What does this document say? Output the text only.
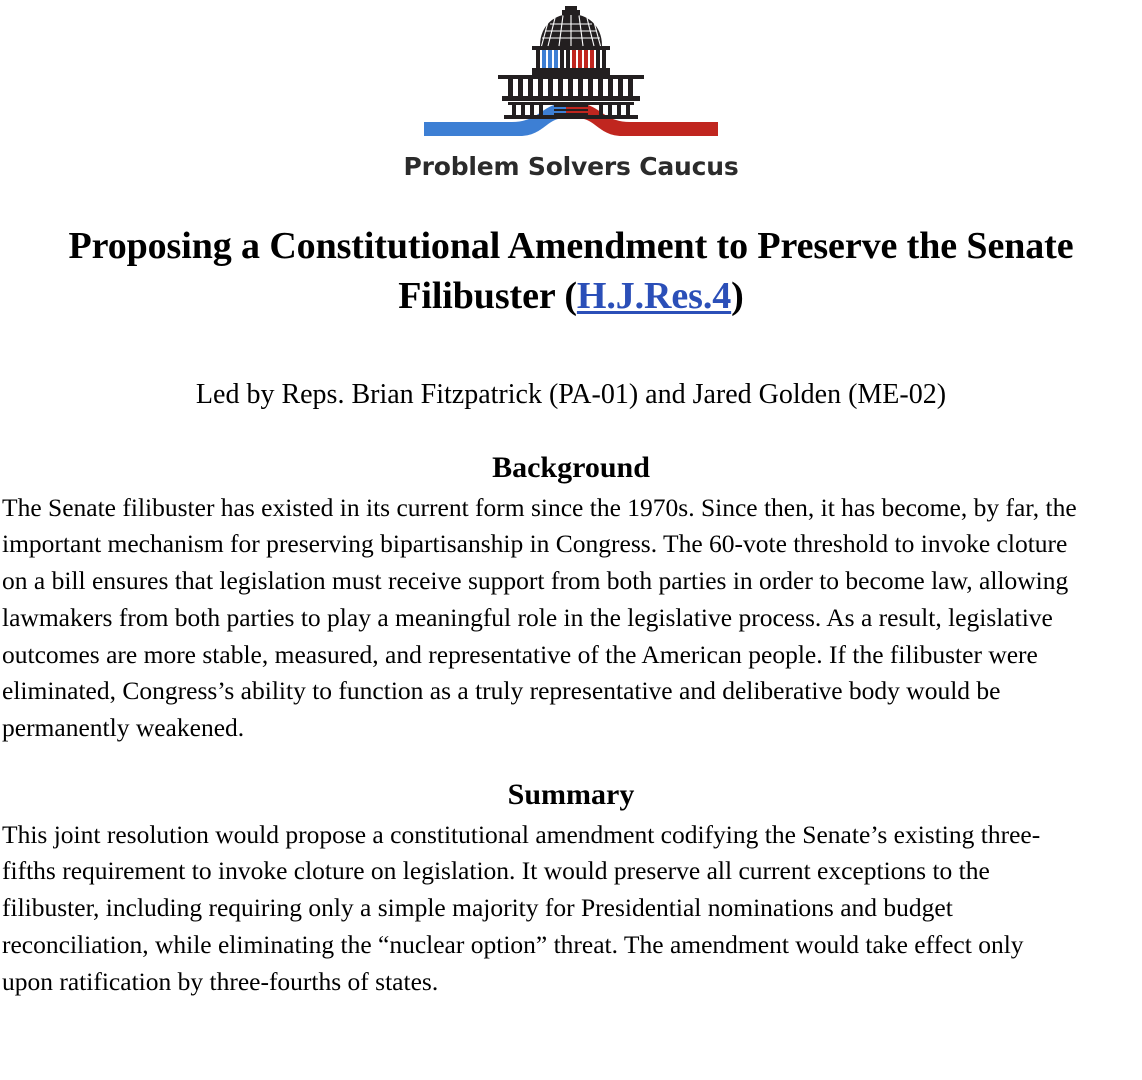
Problem Solvers Caucus
Proposing a Constitutional Amendment to Preserve the Senate Filibuster (H.J.Res.4)

Led by Reps. Brian Fitzpatrick (PA-01) and Jared Golden (ME-02)

Background

The Senate filibuster has existed in its current form since the 1970s. Since then, it has become, by far, the important mechanism for preserving bipartisanship in Congress. The 60-vote threshold to invoke cloture on a bill ensures that legislation must receive support from both parties in order to become law, allowing lawmakers from both parties to play a meaningful role in the legislative process. As a result, legislative outcomes are more stable, measured, and representative of the American people. If the filibuster were eliminated, Congress’s ability to function as a truly representative and deliberative body would be permanently weakened.

Summary

This joint resolution would propose a constitutional amendment codifying the Senate’s existing three-fifths requirement to invoke cloture on legislation. It would preserve all current exceptions to the filibuster, including requiring only a simple majority for Presidential nominations and budget reconciliation, while eliminating the “nuclear option” threat. The amendment would take effect only upon ratification by three-fourths of states.
